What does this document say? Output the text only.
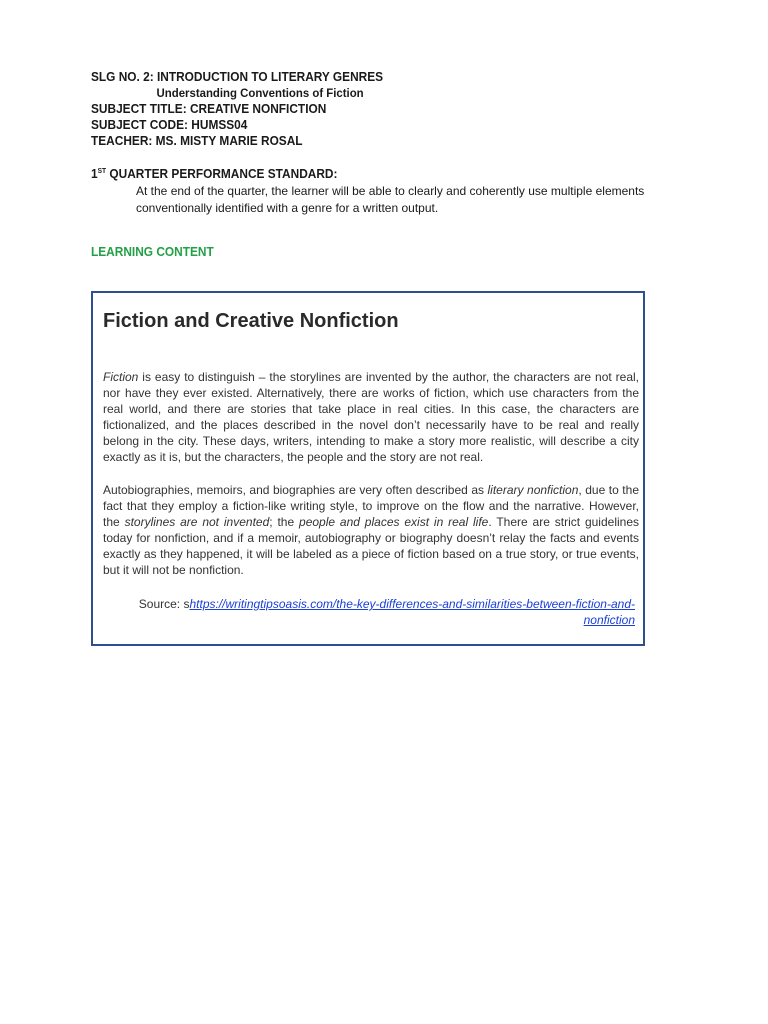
SLG NO. 2: INTRODUCTION TO LITERARY GENRES
Understanding Conventions of Fiction
SUBJECT TITLE: CREATIVE NONFICTION
SUBJECT CODE: HUMSS04
TEACHER: MS. MISTY MARIE ROSAL
1ST QUARTER PERFORMANCE STANDARD:
At the end of the quarter, the learner will be able to clearly and coherently use multiple elements conventionally identified with a genre for a written output.
LEARNING CONTENT
Fiction and Creative Nonfiction
Fiction is easy to distinguish – the storylines are invented by the author, the characters are not real, nor have they ever existed. Alternatively, there are works of fiction, which use characters from the real world, and there are stories that take place in real cities. In this case, the characters are fictionalized, and the places described in the novel don’t necessarily have to be real and really belong in the city. These days, writers, intending to make a story more realistic, will describe a city exactly as it is, but the characters, the people and the story are not real.
Autobiographies, memoirs, and biographies are very often described as literary nonfiction, due to the fact that they employ a fiction-like writing style, to improve on the flow and the narrative. However, the storylines are not invented; the people and places exist in real life. There are strict guidelines today for nonfiction, and if a memoir, autobiography or biography doesn’t relay the facts and events exactly as they happened, it will be labeled as a piece of fiction based on a true story, or true events, but it will not be nonfiction.
Source: shttps://writingtipsoasis.com/the-key-differences-and-similarities-between-fiction-and-nonfiction
